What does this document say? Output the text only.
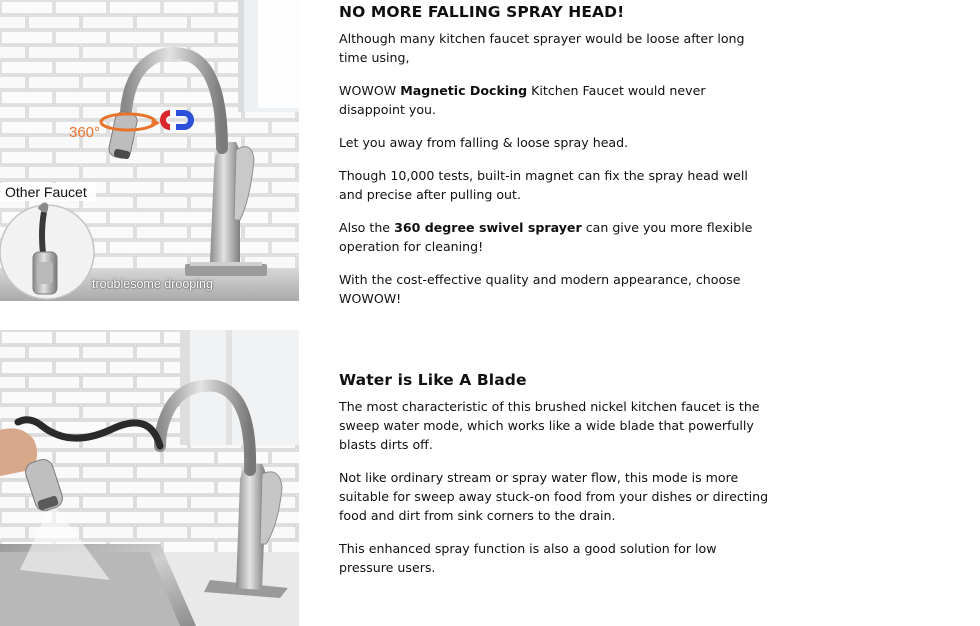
360°
Other Faucet
troublesome drooping
NO MORE FALLING SPRAY HEAD!

Although many kitchen faucet sprayer would be loose after long time using,

WOWOW Magnetic Docking Kitchen Faucet would never disappoint you.

Let you away from falling & loose spray head.

Though 10,000 tests, built-in magnet can fix the spray head well and precise after pulling out.

Also the 360 degree swivel sprayer can give you more flexible operation for cleaning!

With the cost-effective quality and modern appearance, choose WOWOW!

Water is Like A Blade

The most characteristic of this brushed nickel kitchen faucet is the sweep water mode, which works like a wide blade that powerfully blasts dirts off.

Not like ordinary stream or spray water flow, this mode is more suitable for sweep away stuck-on food from your dishes or directing food and dirt from sink corners to the drain.

This enhanced spray function is also a good solution for low pressure users.
